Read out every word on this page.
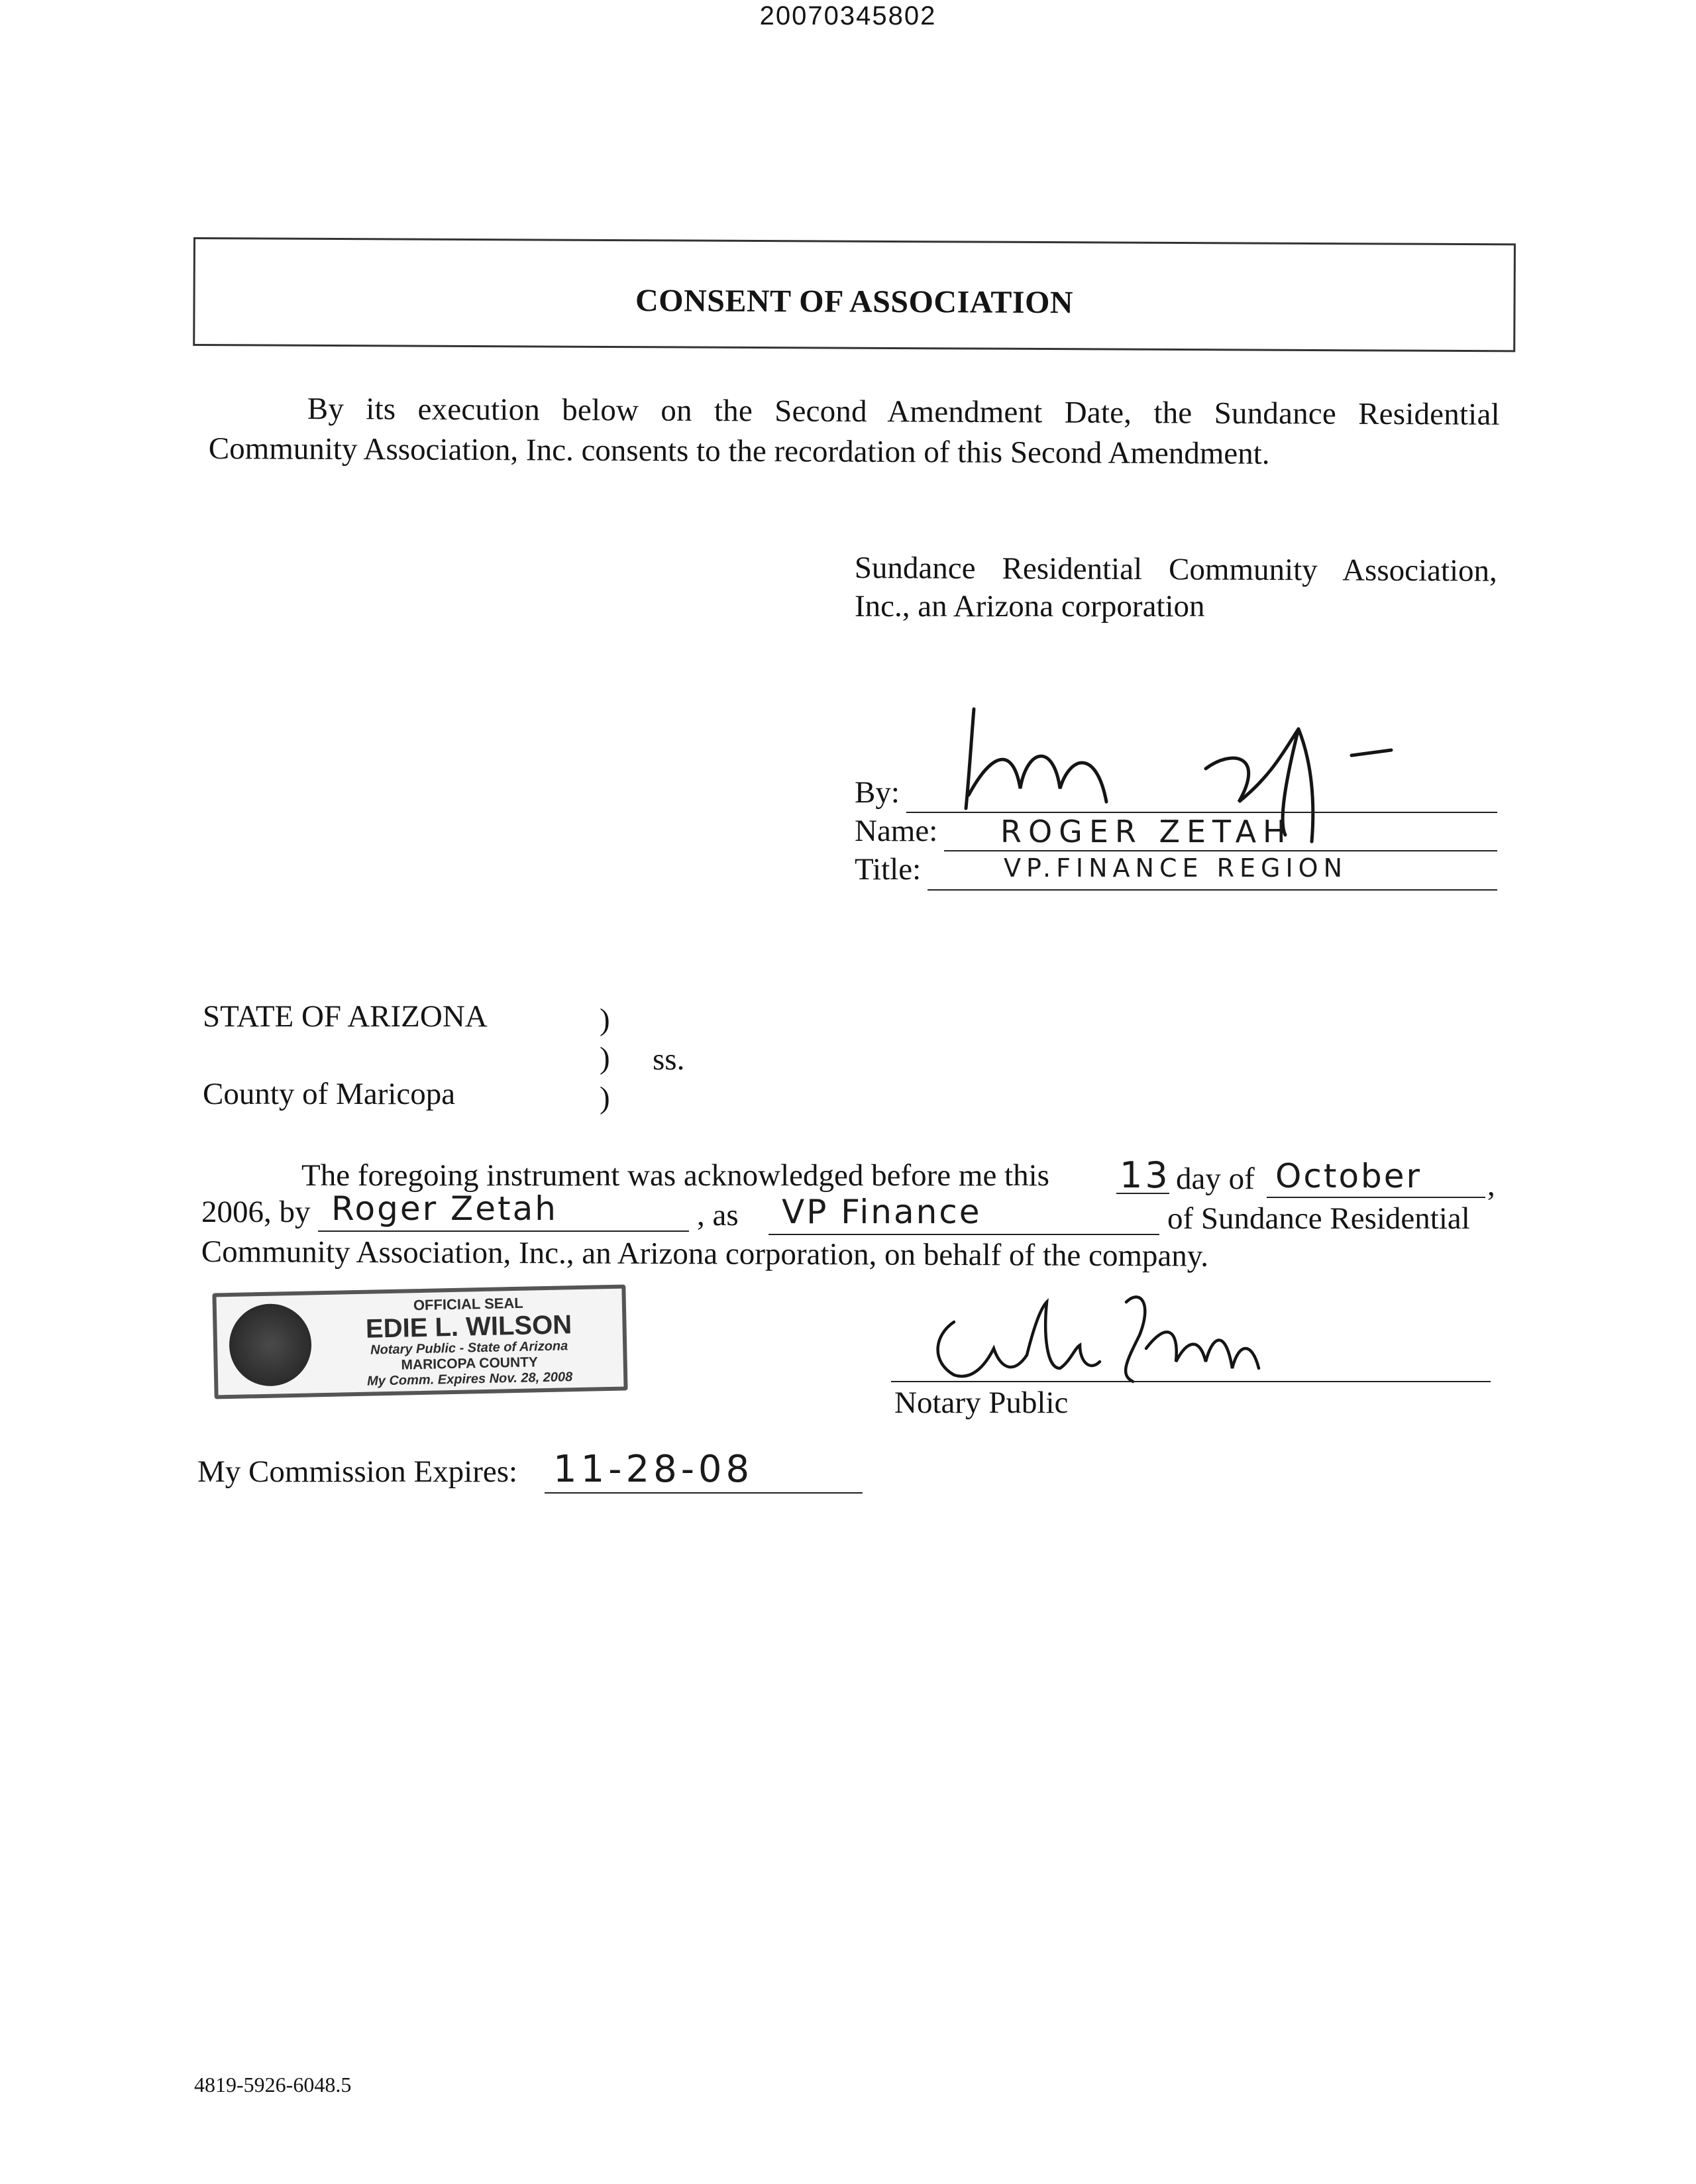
20070345802
CONSENT OF ASSOCIATION
By its execution below on the Second Amendment Date, the Sundance Residential
Community Association, Inc. consents to the recordation of this Second Amendment.
Sundance Residential Community Association,
Inc., an Arizona corporation
By:
Name: ROGER ZETAH
Title:	VP.FINANCE REGION
STATE OF ARIZONA	)
) ss.
County of Maricopa	)
The foregoing instrument was acknowledged before me this 13 day of October ,
2006, by Roger Zetah	, as VP Finance	of Sundance Residential
Community Association, Inc., an Arizona corporation, on behalf of the company.
OFFICIAL SEAL
EDIE L. WILSON
Notary Public - State of Arizona
MARICOPA COUNTY
My Comm. Expires Nov. 28, 2008
Notary Public
My Commission Expires: 11-28-08
4819-5926-6048.5
